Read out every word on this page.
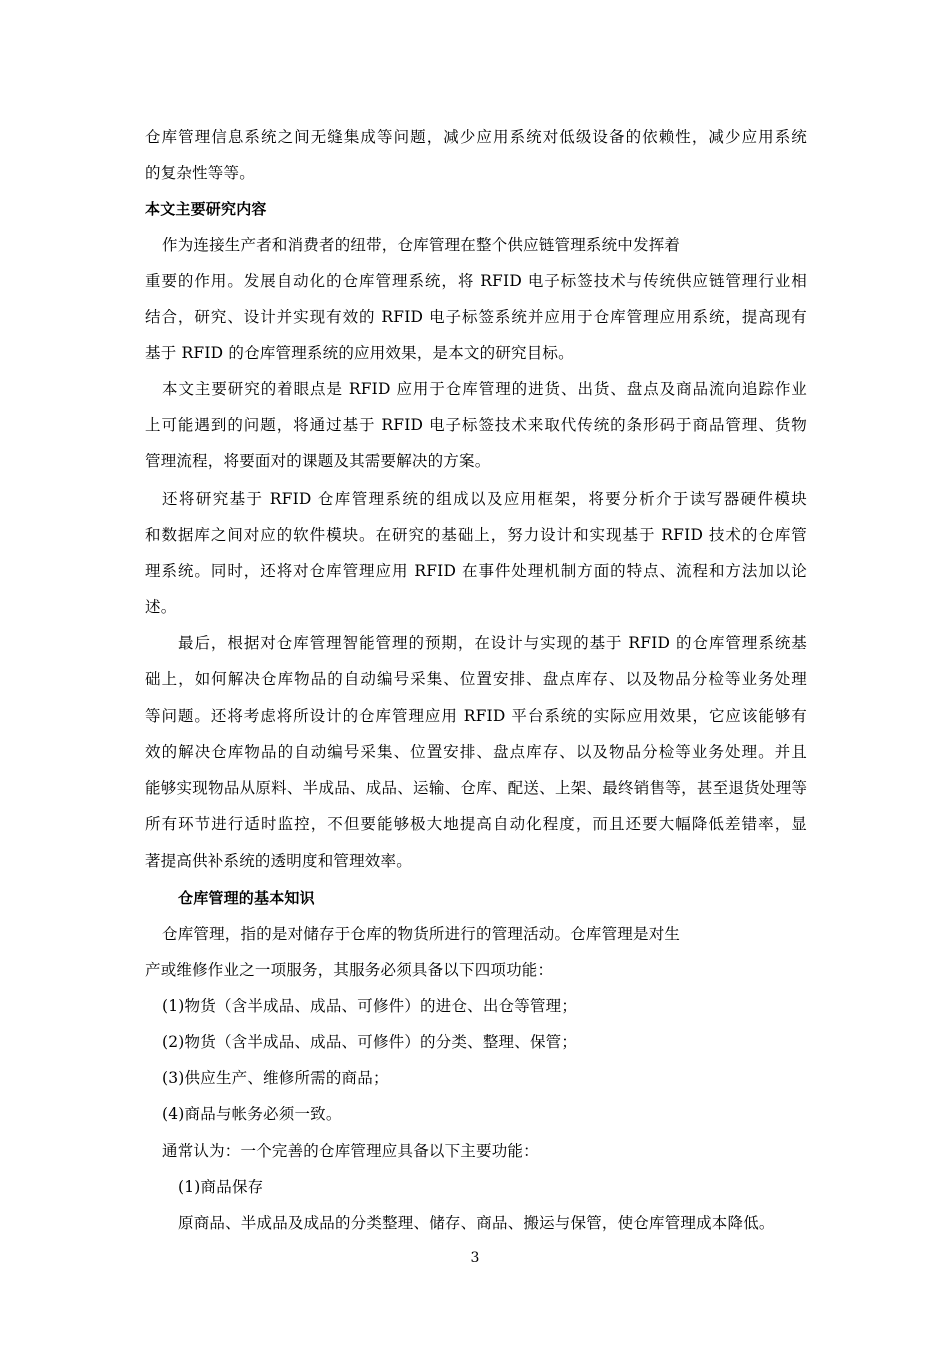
仓库管理信息系统之间无缝集成等问题，减少应用系统对低级设备的依赖性，减少应用系统
的复杂性等等。
本文主要研究内容
作为连接生产者和消费者的纽带，仓库管理在整个供应链管理系统中发挥着
重要的作用。发展自动化的仓库管理系统，将 RFID 电子标签技术与传统供应链管理行业相
结合，研究、设计并实现有效的 RFID 电子标签系统并应用于仓库管理应用系统，提高现有
基于 RFID 的仓库管理系统的应用效果，是本文的研究目标。
本文主要研究的着眼点是 RFID 应用于仓库管理的进货、出货、盘点及商品流向追踪作业
上可能遇到的问题，将通过基于 RFID 电子标签技术来取代传统的条形码于商品管理、货物
管理流程，将要面对的课题及其需要解决的方案。
还将研究基于 RFID 仓库管理系统的组成以及应用框架，将要分析介于读写器硬件模块
和数据库之间对应的软件模块。在研究的基础上，努力设计和实现基于 RFID 技术的仓库管
理系统。同时，还将对仓库管理应用 RFID 在事件处理机制方面的特点、流程和方法加以论
述。
最后，根据对仓库管理智能管理的预期，在设计与实现的基于 RFID 的仓库管理系统基
础上，如何解决仓库物品的自动编号采集、位置安排、盘点库存、以及物品分检等业务处理
等问题。还将考虑将所设计的仓库管理应用 RFID 平台系统的实际应用效果，它应该能够有
效的解决仓库物品的自动编号采集、位置安排、盘点库存、以及物品分检等业务处理。并且
能够实现物品从原料、半成品、成品、运输、仓库、配送、上架、最终销售等，甚至退货处理等
所有环节进行适时监控，不但要能够极大地提高自动化程度，而且还要大幅降低差错率，显
著提高供补系统的透明度和管理效率。
仓库管理的基本知识
仓库管理，指的是对储存于仓库的物货所进行的管理活动。仓库管理是对生
产或维修作业之一项服务，其服务必须具备以下四项功能：
(1)物货（含半成品、成品、可修件）的进仓、出仓等管理；
(2)物货（含半成品、成品、可修件）的分类、整理、保管；
(3)供应生产、维修所需的商品；
(4)商品与帐务必须一致。
通常认为：一个完善的仓库管理应具备以下主要功能：
(1)商品保存
原商品、半成品及成品的分类整理、储存、商品、搬运与保管，使仓库管理成本降低。
3
